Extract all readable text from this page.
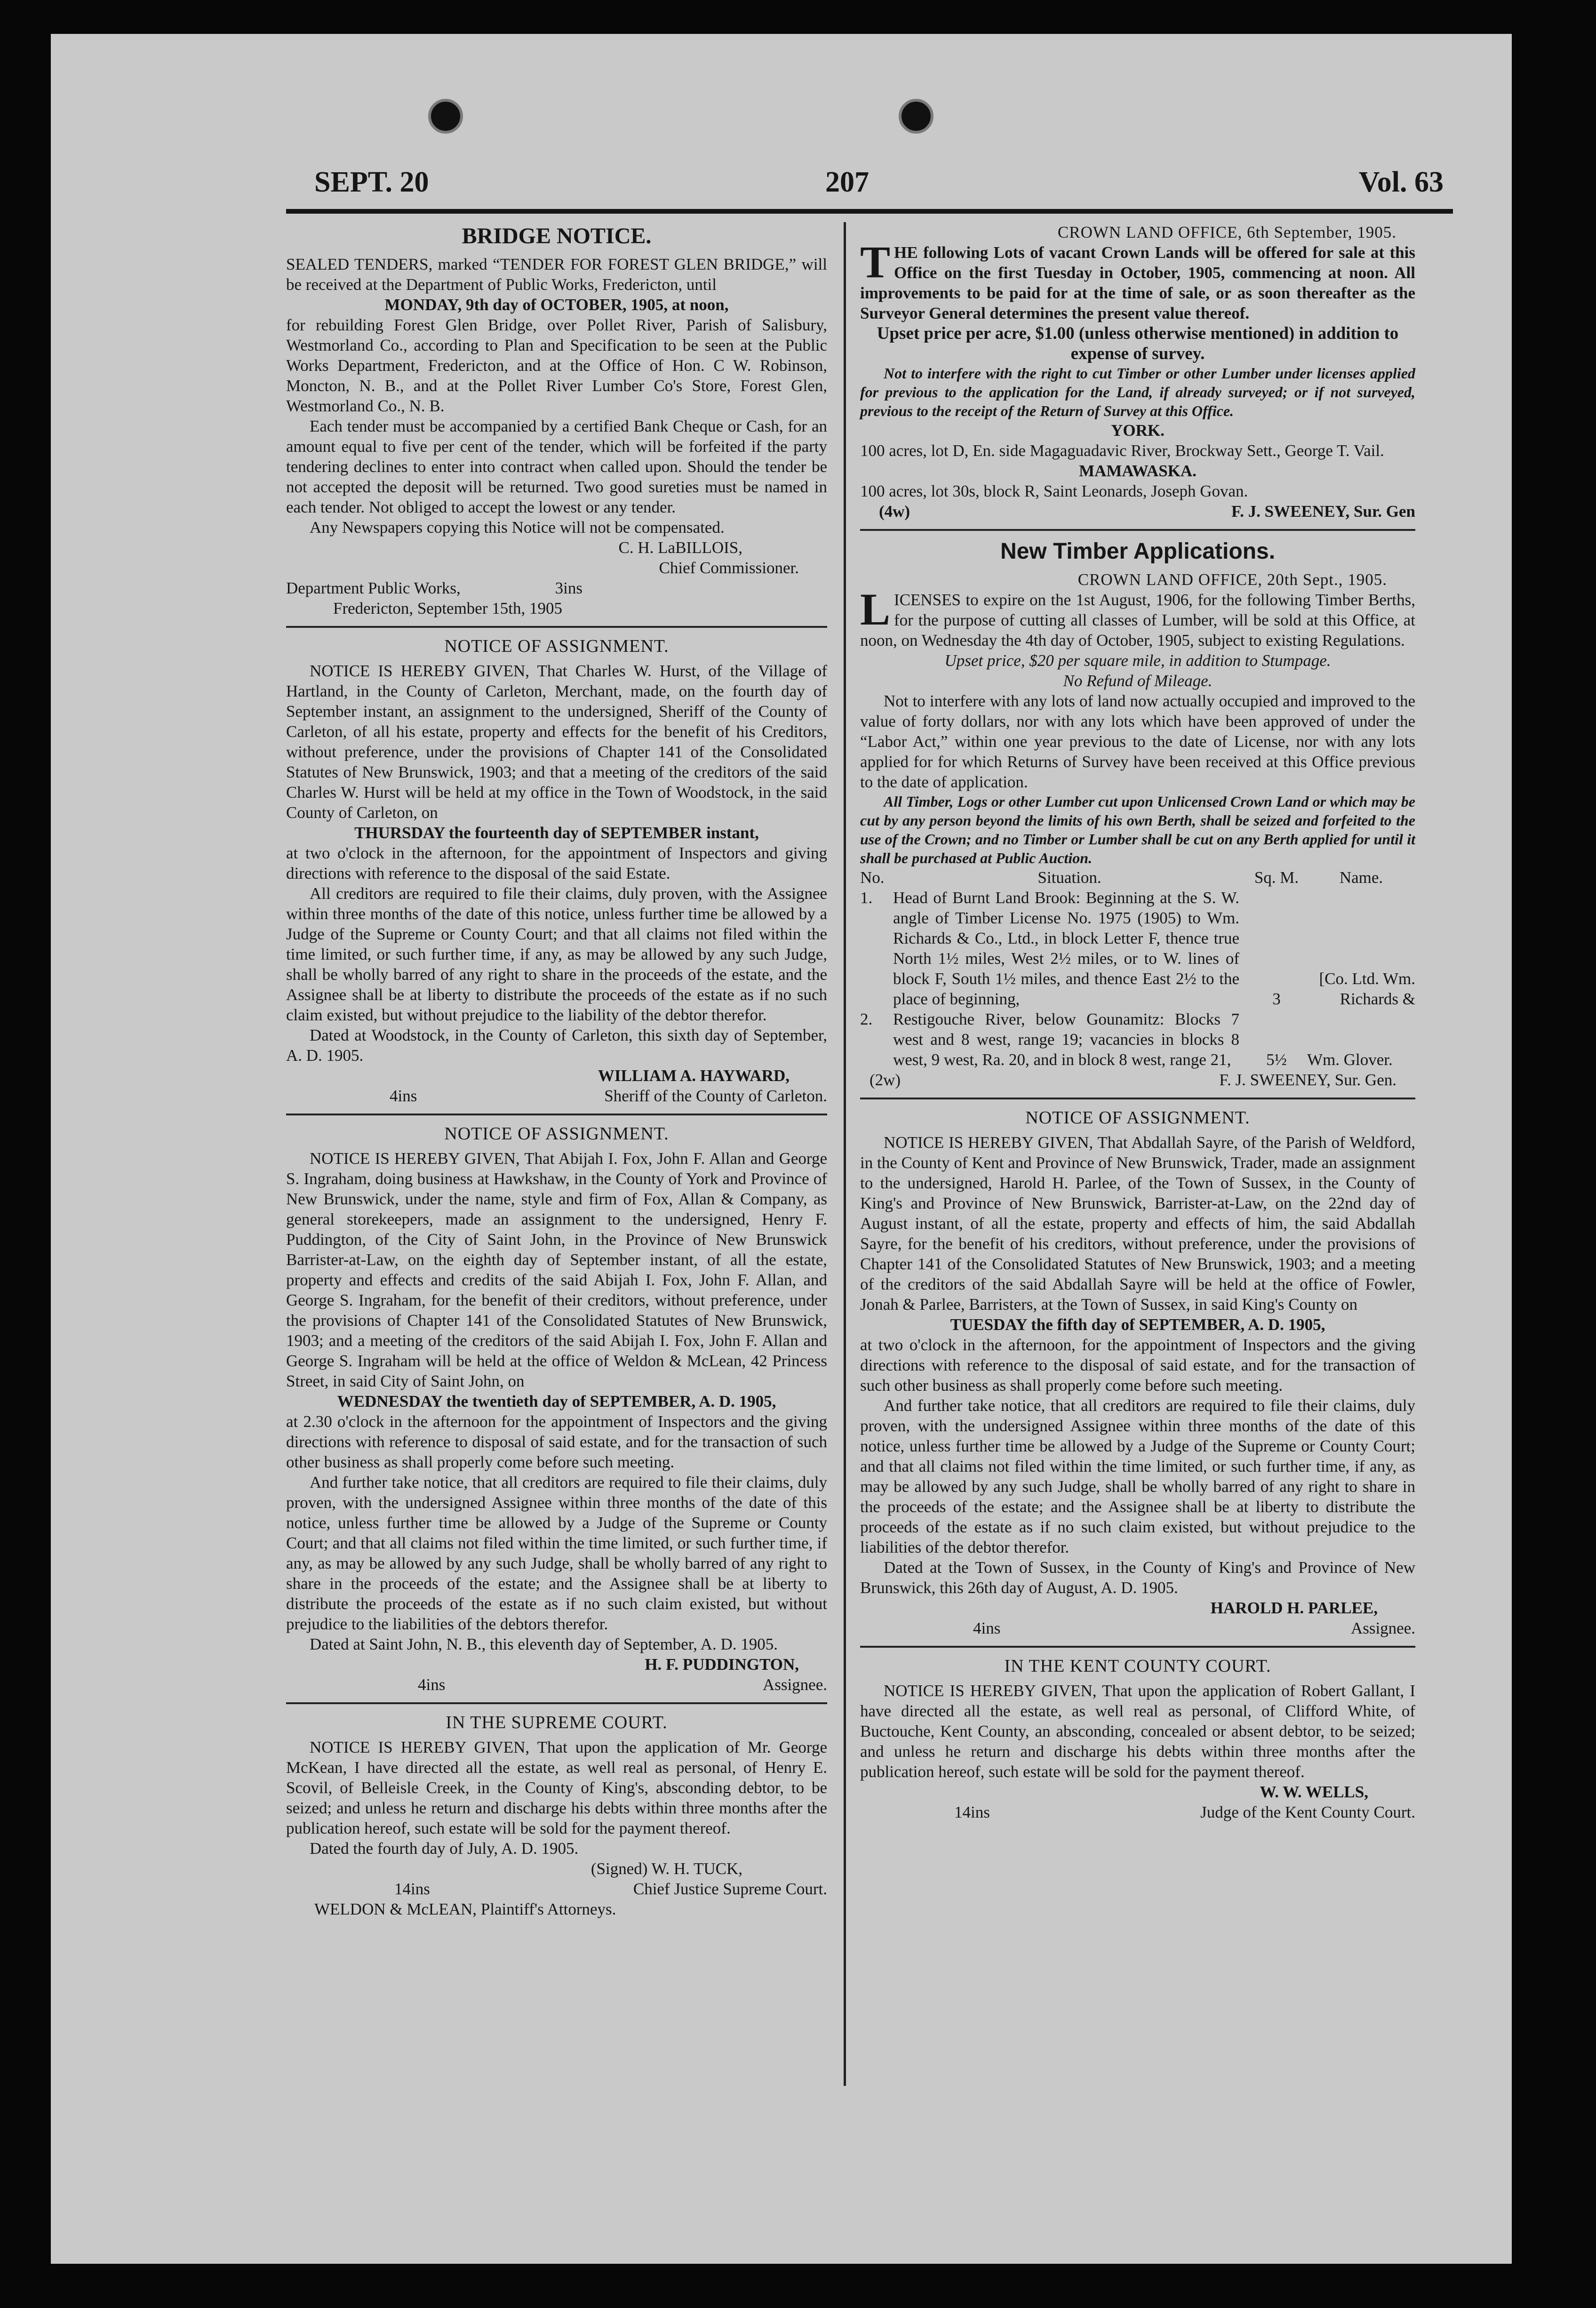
SEPT. 20	207	Vol. 63
BRIDGE NOTICE.

SEALED TENDERS, marked “TENDER FOR FOREST GLEN BRIDGE,” will be received at the Department of Public Works, Fredericton, until

MONDAY, 9th day of OCTOBER, 1905, at noon,

for rebuilding Forest Glen Bridge, over Pollet River, Parish of Salisbury, Westmorland Co., according to Plan and Specification to be seen at the Public Works Department, Fredericton, and at the Office of Hon. C W. Robinson, Moncton, N. B., and at the Pollet River Lumber Co's Store, Forest Glen, Westmorland Co., N. B.

Each tender must be accompanied by a certified Bank Cheque or Cash, for an amount equal to five per cent of the tender, which will be forfeited if the party tendering declines to enter into contract when called upon. Should the tender be not accepted the deposit will be returned. Two good sureties must be named in each tender. Not obliged to accept the lowest or any tender.

Any Newspapers copying this Notice will not be compensated.

C. H. LaBILLOIS,

Chief Commissioner.

Department Public Works,	3ins

Fredericton, September 15th, 1905

NOTICE OF ASSIGNMENT.

NOTICE IS HEREBY GIVEN, That Charles W. Hurst, of the Village of Hartland, in the County of Carleton, Merchant, made, on the fourth day of September instant, an assignment to the undersigned, Sheriff of the County of Carleton, of all his estate, property and effects for the benefit of his Creditors, without preference, under the provisions of Chapter 141 of the Consolidated Statutes of New Brunswick, 1903; and that a meeting of the creditors of the said Charles W. Hurst will be held at my office in the Town of Woodstock, in the said County of Carleton, on

THURSDAY the fourteenth day of SEPTEMBER instant,

at two o'clock in the afternoon, for the appointment of Inspectors and giving directions with reference to the disposal of the said Estate.

All creditors are required to file their claims, duly proven, with the Assignee within three months of the date of this notice, unless further time be allowed by a Judge of the Supreme or County Court; and that all claims not filed within the time limited, or such further time, if any, as may be allowed by any such Judge, shall be wholly barred of any right to share in the proceeds of the estate, and the Assignee shall be at liberty to distribute the proceeds of the estate as if no such claim existed, but without prejudice to the liability of the debtor therefor.

Dated at Woodstock, in the County of Carleton, this sixth day of September, A. D. 1905.

WILLIAM A. HAYWARD,

4ins	Sheriff of the County of Carleton.
NOTICE OF ASSIGNMENT.

NOTICE IS HEREBY GIVEN, That Abijah I. Fox, John F. Allan and George S. Ingraham, doing business at Hawkshaw, in the County of York and Province of New Brunswick, under the name, style and firm of Fox, Allan & Company, as general storekeepers, made an assignment to the undersigned, Henry F. Puddington, of the City of Saint John, in the Province of New Brunswick Barrister-at-Law, on the eighth day of September instant, of all the estate, property and effects and credits of the said Abijah I. Fox, John F. Allan, and George S. Ingraham, for the benefit of their creditors, without preference, under the provisions of Chapter 141 of the Consolidated Statutes of New Brunswick, 1903; and a meeting of the creditors of the said Abijah I. Fox, John F. Allan and George S. Ingraham will be held at the office of Weldon & McLean, 42 Princess Street, in said City of Saint John, on

WEDNESDAY the twentieth day of SEPTEMBER, A. D. 1905,

at 2.30 o'clock in the afternoon for the appointment of Inspectors and the giving directions with reference to disposal of said estate, and for the transaction of such other business as shall properly come before such meeting.

And further take notice, that all creditors are required to file their claims, duly proven, with the undersigned Assignee within three months of the date of this notice, unless further time be allowed by a Judge of the Supreme or County Court; and that all claims not filed within the time limited, or such further time, if any, as may be allowed by any such Judge, shall be wholly barred of any right to share in the proceeds of the estate; and the Assignee shall be at liberty to distribute the proceeds of the estate as if no such claim existed, but without prejudice to the liabilities of the debtors therefor.

Dated at Saint John, N. B., this eleventh day of September, A. D. 1905.

H. F. PUDDINGTON,

4ins	Assignee.
IN THE SUPREME COURT.

NOTICE IS HEREBY GIVEN, That upon the application of Mr. George McKean, I have directed all the estate, as well real as personal, of Henry E. Scovil, of Belleisle Creek, in the County of King's, absconding debtor, to be seized; and unless he return and discharge his debts within three months after the publication hereof, such estate will be sold for the payment thereof.

Dated the fourth day of July, A. D. 1905.

(Signed) W. H. TUCK,

14ins	Chief Justice Supreme Court.

WELDON & McLEAN, Plaintiff's Attorneys.

CROWN LAND OFFICE, 6th September, 1905.

THE following Lots of vacant Crown Lands will be offered for sale at this Office on the first Tuesday in October, 1905, commencing at noon. All improvements to be paid for at the time of sale, or as soon thereafter as the Surveyor General determines the present value thereof.

Upset price per acre, $1.00 (unless otherwise mentioned) in addition to expense of survey.

Not to interfere with the right to cut Timber or other Lumber under licenses applied for previous to the application for the Land, if already surveyed; or if not surveyed, previous to the receipt of the Return of Survey at this Office.

YORK.

100 acres, lot D, En. side Magaguadavic River, Brockway Sett., George T. Vail.

MAMAWASKA.

100 acres, lot 30s, block R, Saint Leonards, Joseph Govan.

(4w)	F. J. SWEENEY, Sur. Gen
New Timber Applications.

CROWN LAND OFFICE, 20th Sept., 1905.

LICENSES to expire on the 1st August, 1906, for the following Timber Berths, for the purpose of cutting all classes of Lumber, will be sold at this Office, at noon, on Wednesday the 4th day of October, 1905, subject to existing Regulations.

Upset price, $20 per square mile, in addition to Stumpage.

No Refund of Mileage.

Not to interfere with any lots of land now actually occupied and improved to the value of forty dollars, nor with any lots which have been approved of under the “Labor Act,” within one year previous to the date of License, nor with any lots applied for for which Returns of Survey have been received at this Office previous to the date of application.

All Timber, Logs or other Lumber cut upon Unlicensed Crown Land or which may be cut by any person beyond the limits of his own Berth, shall be seized and forfeited to the use of the Crown; and no Timber or Lumber shall be cut on any Berth applied for until it shall be purchased at Public Auction.

No.	Situation.	Sq. M.	Name.
1.	Head of Burnt Land Brook: Beginning at the S. W. angle of Timber License No. 1975 (1905) to Wm. Richards & Co., Ltd., in block Letter F, thence true North 1½ miles, West 2½ miles, or to W. lines of block F, South 1½ miles, and thence East 2½ to the place of beginning,	3	[Co. Ltd. Wm. Richards &
2.	Restigouche River, below Gounamitz: Blocks 7 west and 8 west, range 19; vacancies in blocks 8 west, 9 west, Ra. 20, and in block 8 west, range 21,	5½	Wm. Glover.
(2w)	F. J. SWEENEY, Sur. Gen.
NOTICE OF ASSIGNMENT.

NOTICE IS HEREBY GIVEN, That Abdallah Sayre, of the Parish of Weldford, in the County of Kent and Province of New Brunswick, Trader, made an assignment to the undersigned, Harold H. Parlee, of the Town of Sussex, in the County of King's and Province of New Brunswick, Barrister-at-Law, on the 22nd day of August instant, of all the estate, property and effects of him, the said Abdallah Sayre, for the benefit of his creditors, without preference, under the provisions of Chapter 141 of the Consolidated Statutes of New Brunswick, 1903; and a meeting of the creditors of the said Abdallah Sayre will be held at the office of Fowler, Jonah & Parlee, Barristers, at the Town of Sussex, in said King's County on

TUESDAY the fifth day of SEPTEMBER, A. D. 1905,

at two o'clock in the afternoon, for the appointment of Inspectors and the giving directions with reference to the disposal of said estate, and for the transaction of such other business as shall properly come before such meeting.

And further take notice, that all creditors are required to file their claims, duly proven, with the undersigned Assignee within three months of the date of this notice, unless further time be allowed by a Judge of the Supreme or County Court; and that all claims not filed within the time limited, or such further time, if any, as may be allowed by any such Judge, shall be wholly barred of any right to share in the proceeds of the estate; and the Assignee shall be at liberty to distribute the proceeds of the estate as if no such claim existed, but without prejudice to the liabilities of the debtor therefor.

Dated at the Town of Sussex, in the County of King's and Province of New Brunswick, this 26th day of August, A. D. 1905.

HAROLD H. PARLEE,

4ins	Assignee.
IN THE KENT COUNTY COURT.

NOTICE IS HEREBY GIVEN, That upon the application of Robert Gallant, I have directed all the estate, as well real as personal, of Clifford White, of Buctouche, Kent County, an absconding, concealed or absent debtor, to be seized; and unless he return and discharge his debts within three months after the publication hereof, such estate will be sold for the payment thereof.

W. W. WELLS,

14ins	Judge of the Kent County Court.
